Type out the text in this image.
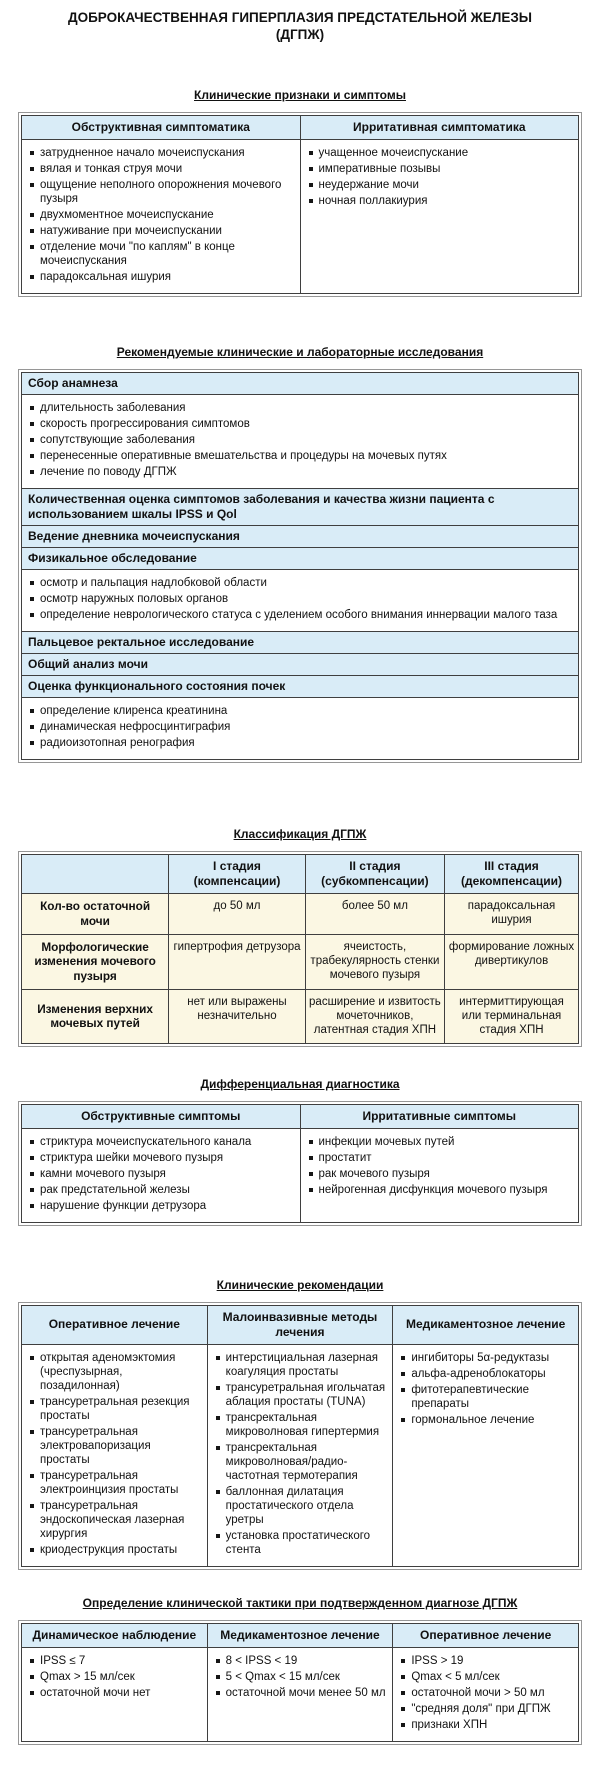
ДОБРОКАЧЕСТВЕННАЯ ГИПЕРПЛАЗИЯ ПРЕДСТАТЕЛЬНОЙ ЖЕЛЕЗЫ
(ДГПЖ)
Клинические признаки и симптомы
Обструктивная симптоматика	Ирритативная симптоматика

затрудненное начало мочеиспускания
вялая и тонкая струя мочи
ощущение неполного опорожнения мочевого пузыря
двухмоментное мочеиспускание
натуживание при мочеиспускании
отделение мочи "по каплям" в конце мочеиспускания
парадоксальная ишурия

учащенное мочеиспускание
императивные позывы
неудержание мочи
ночная поллакиурия
Рекомендуемые клинические и лабораторные исследования
Сбор анамнеза

длительность заболевания
скорость прогрессирования симптомов
сопутствующие заболевания
перенесенные оперативные вмешательства и процедуры на мочевых путях
лечение по поводу ДГПЖ

Количественная оценка симптомов заболевания и качества жизни пациента с использованием шкалы IPSS и Qol
Ведение дневника мочеиспускания
Физикальное обследование

осмотр и пальпация надлобковой области
осмотр наружных половых органов
определение неврологического статуса с уделением особого внимания иннервации малого таза

Пальцевое ректальное исследование
Общий анализ мочи
Оценка функционального состояния почек

определение клиренса креатинина
динамическая нефросцинтиграфия
радиоизотопная ренография
Классификация ДГПЖ
	I стадия (компенсации)	II стадия (субкомпенсации)	III стадия (декомпенсации)
Кол-во остаточной мочи	до 50 мл	более 50 мл	парадоксальная ишурия
Морфологические изменения мочевого пузыря	гипертрофия детрузора	ячеистость, трабекулярность стенки мочевого пузыря	формирование ложных дивертикулов
Изменения верхних мочевых путей	нет или выражены незначительно	расширение и извитость мочеточников, латентная стадия ХПН	интермиттирующая или терминальная стадия ХПН
Дифференциальная диагностика
Обструктивные симптомы	Ирритативные симптомы

стриктура мочеиспускательного канала
стриктура шейки мочевого пузыря
камни мочевого пузыря
рак предстательной железы
нарушение функции детрузора

инфекции мочевых путей
простатит
рак мочевого пузыря
нейрогенная дисфункция мочевого пузыря
Клинические рекомендации
Оперативное лечение	Малоинвазивные методы лечения	Медикаментозное лечение

открытая аденомэктомия (чреспузырная, позадилонная)
трансуретральная резекция простаты
трансуретральная электровапоризация простаты
трансуретральная электроинцизия простаты
трансуретральная эндоскопическая лазерная хирургия
криодеструкция простаты

интерстициальная лазерная коагуляция простаты
трансуретральная игольчатая аблация простаты (TUNA)
трансректальная микроволновая гипертермия
трансректальная микроволновая/радио-частотная термотерапия
баллонная дилатация простатического отдела уретры
установка простатического стента

ингибиторы 5α-редуктазы
альфа-адреноблокаторы
фитотерапевтические препараты
гормональное лечение
Определение клинической тактики при подтвержденном диагнозе ДГПЖ
Динамическое наблюдение	Медикаментозное лечение	Оперативное лечение

IPSS ≤ 7
Qmax > 15 мл/сек
остаточной мочи нет

8 < IPSS < 19
5 < Qmax < 15 мл/сек
остаточной мочи менее 50 мл

IPSS > 19
Qmax < 5 мл/сек
остаточной мочи > 50 мл
"средняя доля" при ДГПЖ
признаки ХПН
